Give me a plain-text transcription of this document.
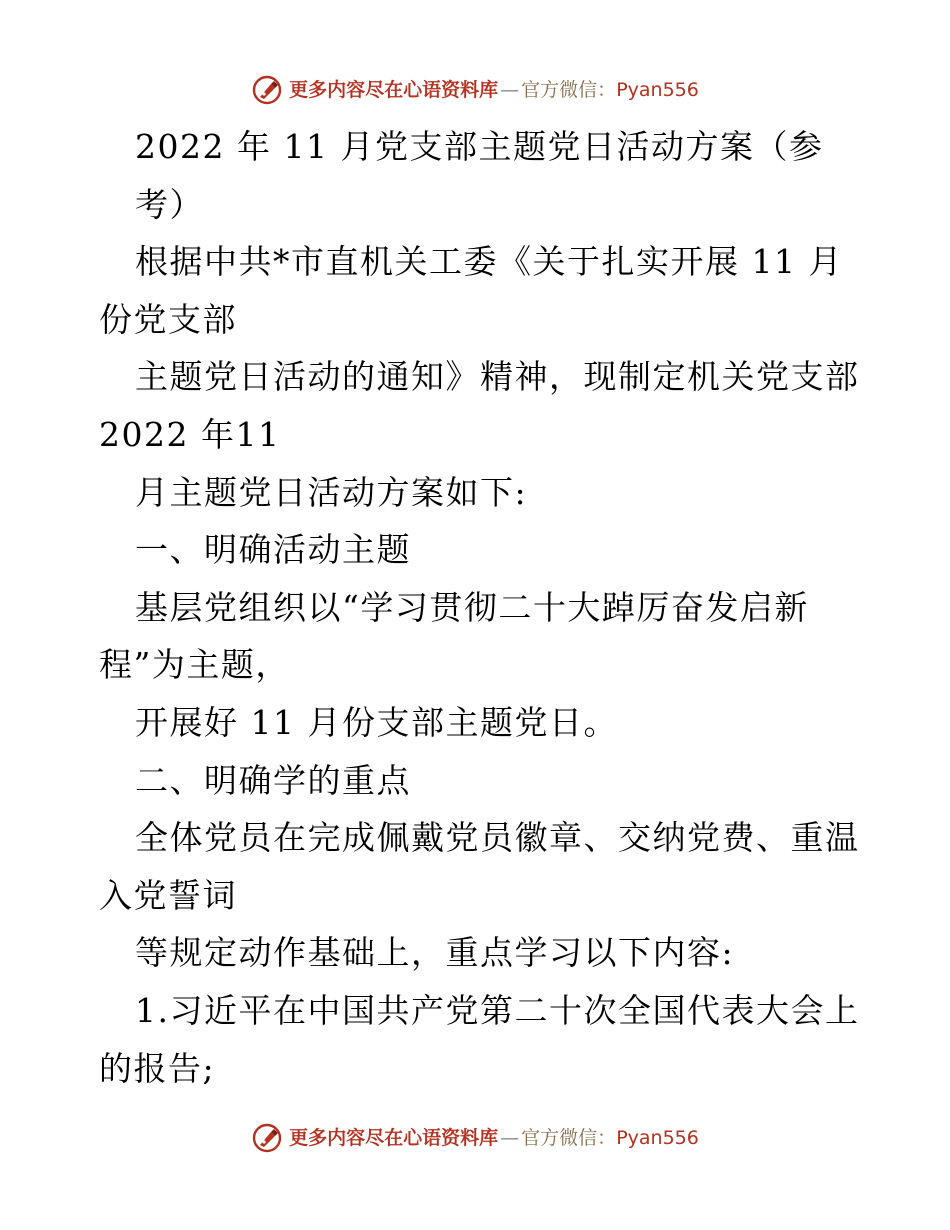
更多内容尽在心语资料库 — 官方微信： Pyan556
2022 年 11 月党支部主题党日活动方案（参
考）
根据中共*市直机关工委《关于扎实开展 11 月
份党支部
主题党日活动的通知》精神，现制定机关党支部
2022 年11
月主题党日活动方案如下:
一、明确活动主题
基层党组织以“学习贯彻二十大踔厉奋发启新
程”为主题，
开展好 11 月份支部主题党日。
二、明确学的重点
全体党员在完成佩戴党员徽章、交纳党费、重温
入党誓词
等规定动作基础上，重点学习以下内容:
1.习近平在中国共产党第二十次全国代表大会上
的报告;
更多内容尽在心语资料库 — 官方微信： Pyan556
